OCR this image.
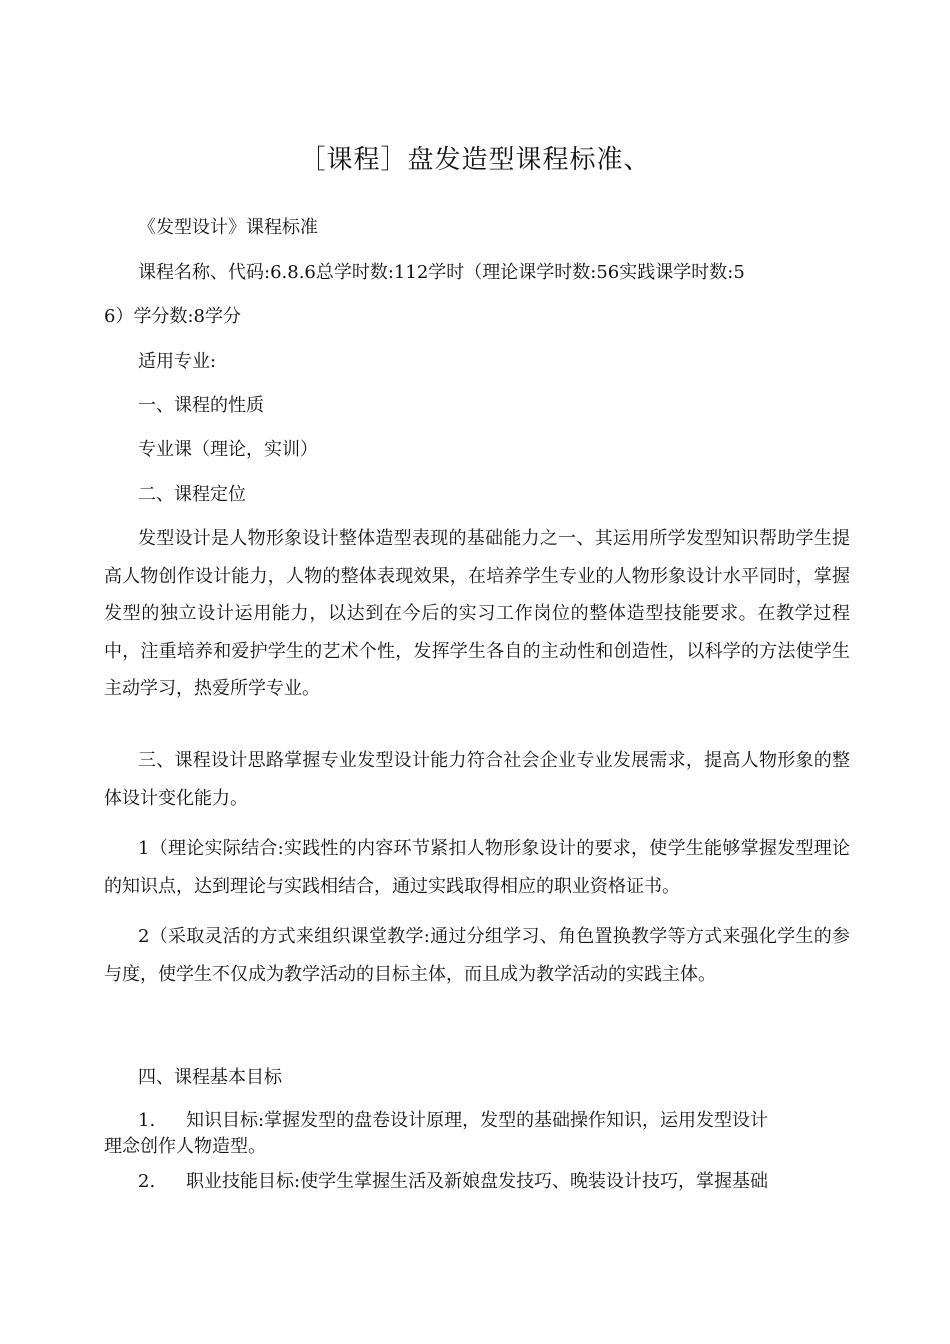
［课程］盘发造型课程标准、
《发型设计》课程标准
课程名称、代码:6.8.6总学时数:112学时（理论课学时数:56实践课学时数:5
6）学分数:8学分
适用专业:
一、课程的性质
专业课（理论，实训）
二、课程定位
发型设计是人物形象设计整体造型表现的基础能力之一、其运用所学发型知识帮助学生提高人物创作设计能力，人物的整体表现效果，在培养学生专业的人物形象设计水平同时，掌握发型的独立设计运用能力，以达到在今后的实习工作岗位的整体造型技能要求。在教学过程中，注重培养和爱护学生的艺术个性，发挥学生各自的主动性和创造性，以科学的方法使学生主动学习，热爱所学专业。
三、课程设计思路掌握专业发型设计能力符合社会企业专业发展需求，提高人物形象的整体设计变化能力。
1（理论实际结合:实践性的内容环节紧扣人物形象设计的要求，使学生能够掌握发型理论的知识点，达到理论与实践相结合，通过实践取得相应的职业资格证书。
2（采取灵活的方式来组织课堂教学:通过分组学习、角色置换教学等方式来强化学生的参与度，使学生不仅成为教学活动的目标主体，而且成为教学活动的实践主体。
四、课程基本目标
1. 知识目标:掌握发型的盘卷设计原理，发型的基础操作知识，运用发型设计
理念创作人物造型。
2. 职业技能目标:使学生掌握生活及新娘盘发技巧、晚装设计技巧，掌握基础
